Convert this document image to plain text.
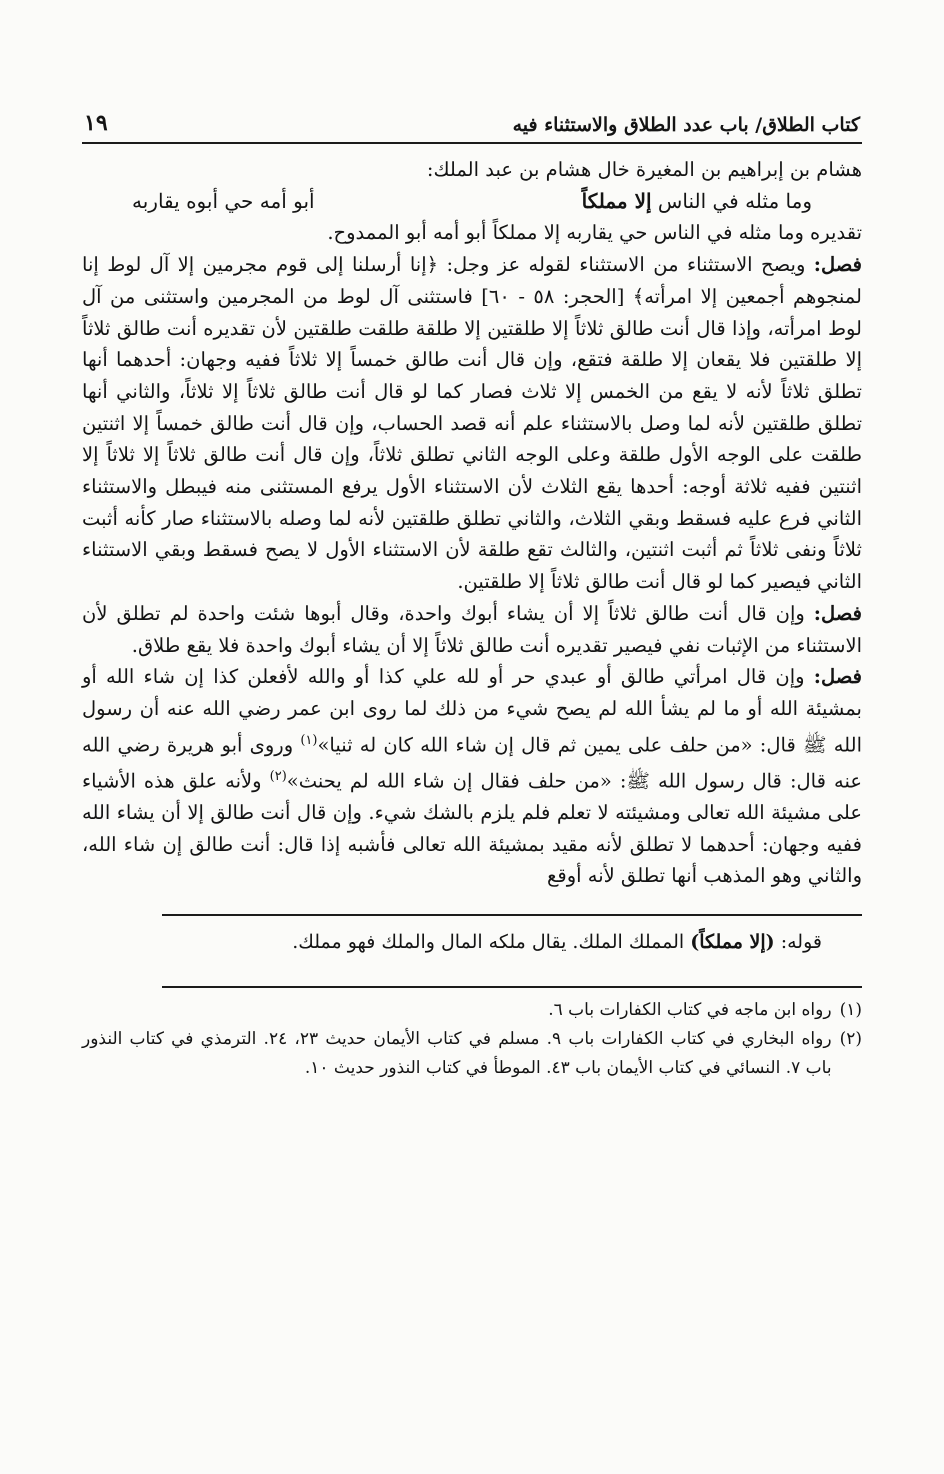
كتاب الطلاق/ باب عدد الطلاق والاستثناء فيه
١٩

هشام بن إبراهيم بن المغيرة خال هشام بن عبد الملك:

وما مثله في الناس إلا مملكاً
أبو أمه حي أبوه يقاربه

تقديره وما مثله في الناس حي يقاربه إلا مملكاً أبو أمه أبو الممدوح.

فصل: ويصح الاستثناء من الاستثناء لقوله عز وجل: ﴿إنا أرسلنا إلى قوم مجرمين إلا آل لوط إنا لمنجوهم أجمعين إلا امرأته﴾ [الحجر: ٥٨ - ٦٠] فاستثنى آل لوط من المجرمين واستثنى من آل لوط امرأته، وإذا قال أنت طالق ثلاثاً إلا طلقتين إلا طلقة طلقت طلقتين لأن تقديره أنت طالق ثلاثاً إلا طلقتين فلا يقعان إلا طلقة فتقع، وإن قال أنت طالق خمساً إلا ثلاثاً ففيه وجهان: أحدهما أنها تطلق ثلاثاً لأنه لا يقع من الخمس إلا ثلاث فصار كما لو قال أنت طالق ثلاثاً إلا ثلاثاً، والثاني أنها تطلق طلقتين لأنه لما وصل بالاستثناء علم أنه قصد الحساب، وإن قال أنت طالق خمساً إلا اثنتين طلقت على الوجه الأول طلقة وعلى الوجه الثاني تطلق ثلاثاً، وإن قال أنت طالق ثلاثاً إلا ثلاثاً إلا اثنتين ففيه ثلاثة أوجه: أحدها يقع الثلاث لأن الاستثناء الأول يرفع المستثنى منه فيبطل والاستثناء الثاني فرع عليه فسقط وبقي الثلاث، والثاني تطلق طلقتين لأنه لما وصله بالاستثناء صار كأنه أثبت ثلاثاً ونفى ثلاثاً ثم أثبت اثنتين، والثالث تقع طلقة لأن الاستثناء الأول لا يصح فسقط وبقي الاستثناء الثاني فيصير كما لو قال أنت طالق ثلاثاً إلا طلقتين.

فصل: وإن قال أنت طالق ثلاثاً إلا أن يشاء أبوك واحدة، وقال أبوها شئت واحدة لم تطلق لأن الاستثناء من الإثبات نفي فيصير تقديره أنت طالق ثلاثاً إلا أن يشاء أبوك واحدة فلا يقع طلاق.

فصل: وإن قال امرأتي طالق أو عبدي حر أو لله علي كذا أو والله لأفعلن كذا إن شاء الله أو بمشيئة الله أو ما لم يشأ الله لم يصح شيء من ذلك لما روى ابن عمر رضي الله عنه أن رسول الله ﷺ قال: «من حلف على يمين ثم قال إن شاء الله كان له ثنيا»$^{(١)}$ وروى أبو هريرة رضي الله عنه قال: قال رسول الله ﷺ: «من حلف فقال إن شاء الله لم يحنث»$^{(٢)}$ ولأنه علق هذه الأشياء على مشيئة الله تعالى ومشيئته لا تعلم فلم يلزم بالشك شيء. وإن قال أنت طالق إلا أن يشاء الله ففيه وجهان: أحدهما لا تطلق لأنه مقيد بمشيئة الله تعالى فأشبه إذا قال: أنت طالق إن شاء الله، والثاني وهو المذهب أنها تطلق لأنه أوقع

قوله: (إلا مملكاً) المملك الملك. يقال ملكه المال والملك فهو مملك.
(١)
رواه ابن ماجه في كتاب الكفارات باب ٦.
(٢)
رواه البخاري في كتاب الكفارات باب ٩. مسلم في كتاب الأيمان حديث ٢٣، ٢٤. الترمذي في كتاب النذور باب ٧. النسائي في كتاب الأيمان باب ٤٣. الموطأ في كتاب النذور حديث ١٠.
